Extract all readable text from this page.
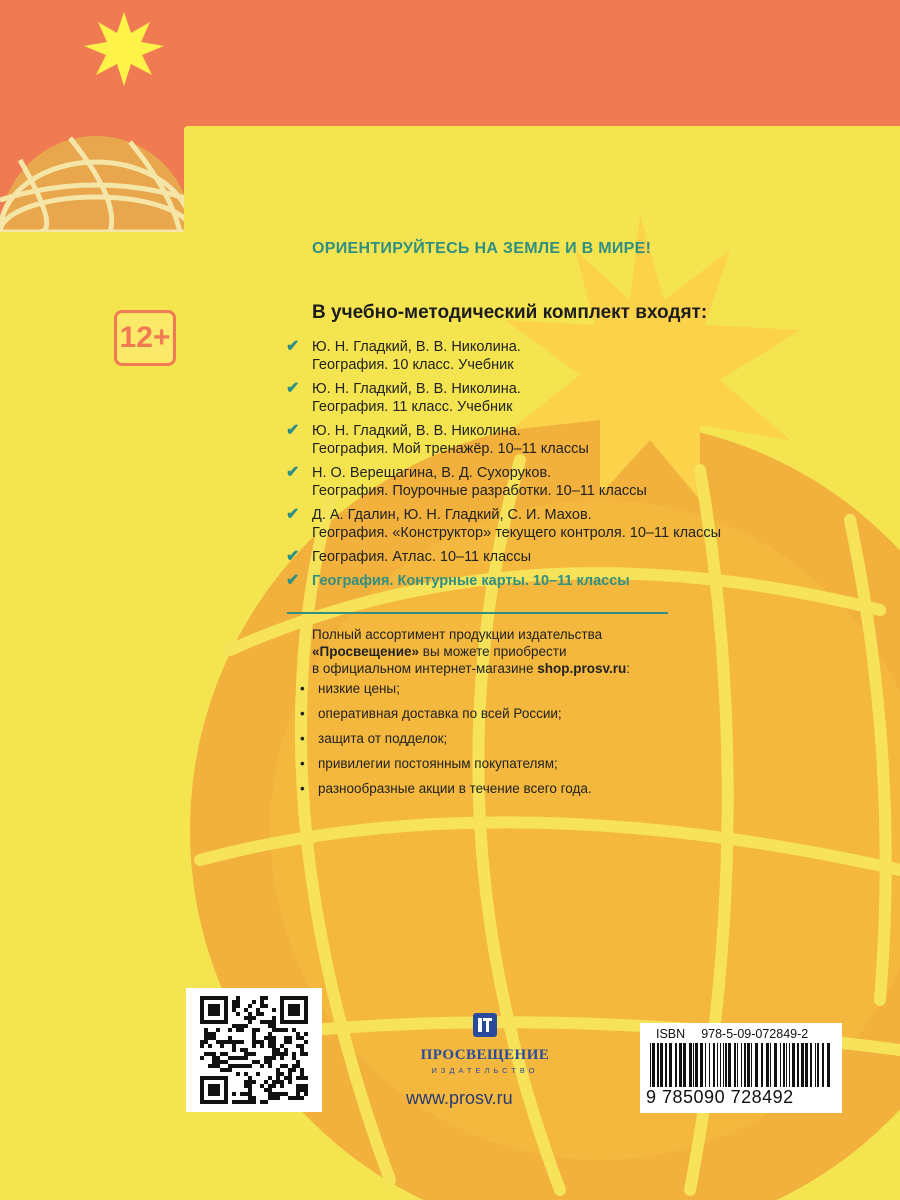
12+
ОРИЕНТИРУЙТЕСЬ НА ЗЕМЛЕ И В МИРЕ!
В учебно-методический комплект входят:
✔ Ю. Н. Гладкий, В. В. Николина.
География. 10 класс. Учебник
✔ Ю. Н. Гладкий, В. В. Николина.
География. 11 класс. Учебник
✔ Ю. Н. Гладкий, В. В. Николина.
География. Мой тренажёр. 10–11 классы
✔ Н. О. Верещагина, В. Д. Сухоруков.
География. Поурочные разработки. 10–11 классы
✔ Д. А. Гдалин, Ю. Н. Гладкий, С. И. Махов.
География. «Конструктор» текущего контроля. 10–11 классы
✔ География. Атлас. 10–11 классы
✔ География. Контурные карты. 10–11 классы
Полный ассортимент продукции издательства
«Просвещение» вы можете приобрести
в официальном интернет-магазине shop.prosv.ru:
• низкие цены;
• оперативная доставка по всей России;
• защита от подделок;
• привилегии постоянным покупателям;
• разнообразные акции в течение всего года.
ПРОСВЕЩЕНИЕ
ИЗДАТЕЛЬСТВО
www.prosv.ru
ISBN 978-5-09-072849-2
9 785090 728492
